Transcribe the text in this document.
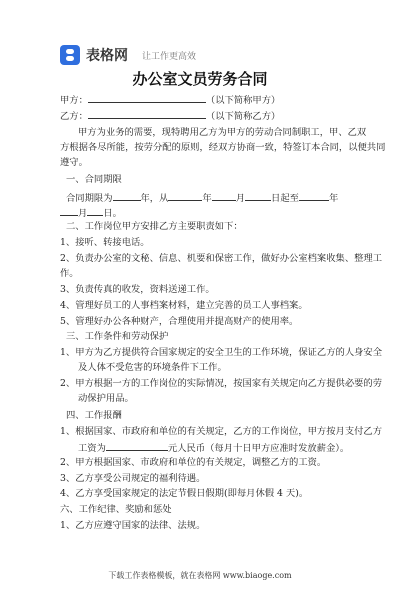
表格网 让工作更高效
办公室文员劳务合同
甲方：	（以下简称甲方）
乙方：	（以下简称乙方）
甲方为业务的需要，现特聘用乙方为甲方的劳动合同制职工，甲、乙双
方根据各尽所能，按劳分配的原则，经双方协商一致，特签订本合同，以便共同
遵守。
一、合同期限
合同期限为	年，从	年	月	日起至	年
月 日。
二、工作岗位甲方安排乙方主要职责如下：
1、接听、转接电话。
2、负责办公室的文秘、信息、机要和保密工作，做好办公室档案收集、整理工
作。
3、负责传真的收发，资料送递工作。
4、管理好员工的人事档案材料，建立完善的员工人事档案。
5、管理好办公各种财产，合理使用并提高财产的使用率。
三、工作条件和劳动保护
1、甲方为乙方提供符合国家规定的安全卫生的工作环境，保证乙方的人身安全
及人体不受危害的环境条件下工作。
2、甲方根据一方的工作岗位的实际情况，按国家有关规定向乙方提供必要的劳
动保护用品。
四、工作报酬
1、根据国家、市政府和单位的有关规定，乙方的工作岗位，甲方按月支付乙方
工资为	元人民币（每月十日甲方应准时发放薪金）。
2、甲方根据国家、市政府和单位的有关规定，调整乙方的工资。
3、乙方享受公司规定的福利待遇。
4、乙方享受国家规定的法定节假日假期(即每月休假 4 天)。
六、工作纪律、奖励和惩处
1、乙方应遵守国家的法律、法规。
下载工作表格模板，就在表格网 www.biaoge.com
